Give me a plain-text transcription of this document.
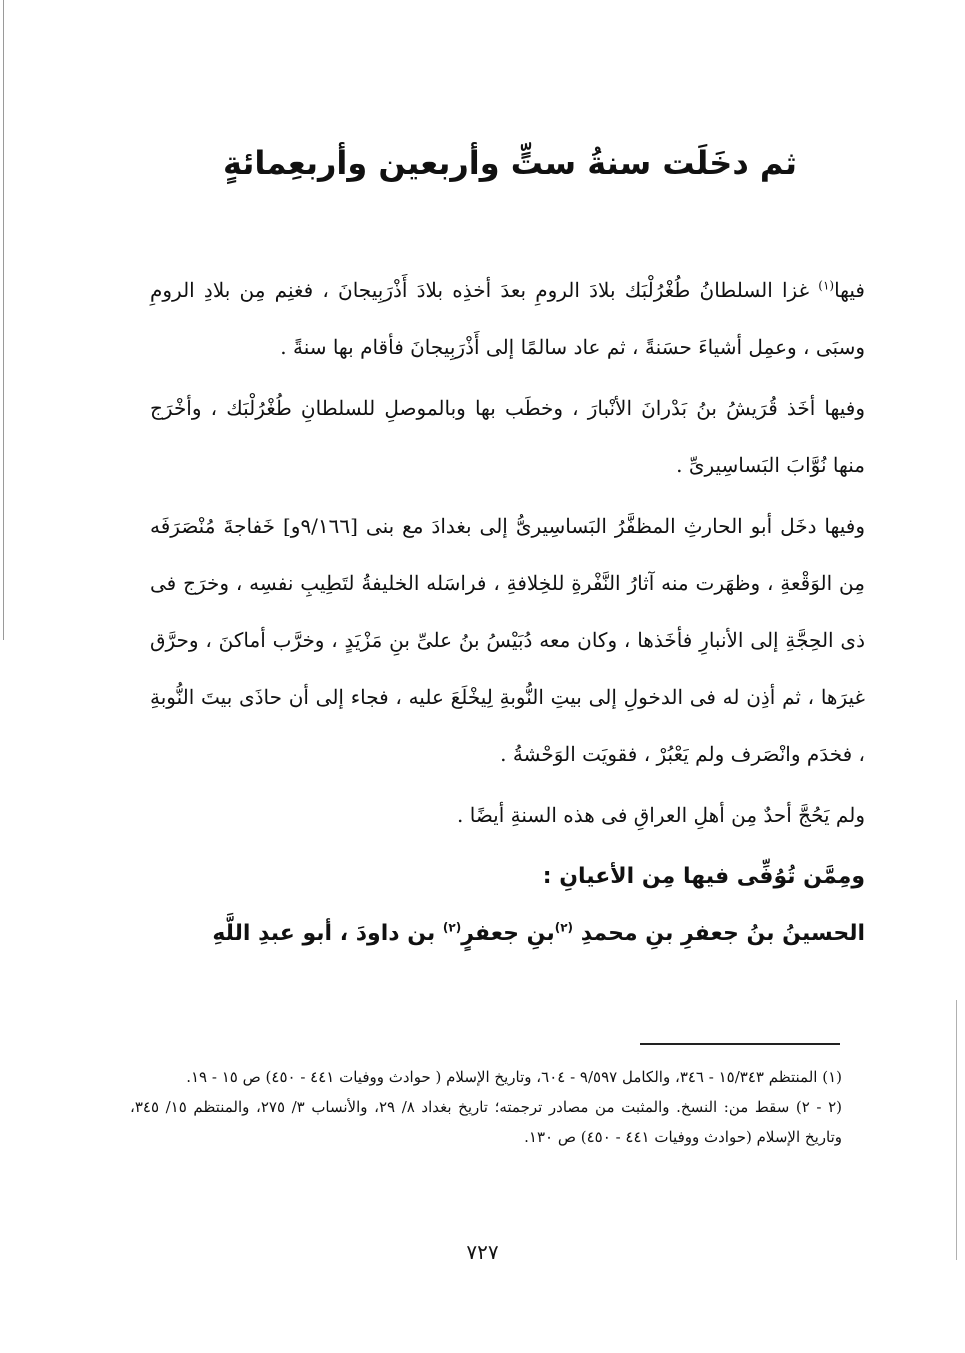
ثم دخَلَت سنةُ ستٍّ وأربعين وأربعِمائةٍ

فيها$^{(١)}$ غزا السلطانُ طُغْرُلْبَك بلادَ الرومِ بعدَ أخذِه بلادَ أَذْرَبِيجانَ ، فغنِم مِن بلادِ الرومِ وسبَى ، وعمِل أشياءَ حسَنةً ، ثم عاد سالمًا إلى أَذْرَبِيجانَ فأقام بها سنةً .

وفيها أخَذ قُرَيشُ بنُ بَدْرانَ الأنْبارَ ، وخطَب بها وبالموصلِ للسلطانِ طُغْرُلْبَك ، وأخْرَج منها نُوَّابَ البَساسِيرىِّ .

وفيها دخَل أبو الحارثِ المظفَّرُ البَساسِيرىُّ إلى بغدادَ مع بنى [٩/١٦٦و] خَفاجةَ مُنْصَرَفَه مِن الوَقْعةِ ، وظهَرت منه آثارُ النَّفْرةِ للخِلافةِ ، فراسَله الخليفةُ لتَطِيبِ نفسِه ، وخرَج فى ذى الحِجَّةِ إلى الأنبارِ فأخَذها ، وكان معه دُبَيْسُ بنُ علىِّ بنِ مَزْيَدٍ ، وخرَّب أماكنَ ، وحرَّق غيرَها ، ثم أذِن له فى الدخولِ إلى بيتِ النُّوبةِ لِيخْلَعَ عليه ، فجاء إلى أن حاذَى بيتَ النُّوبةِ ، فخدَم وانْصَرف ولم يَعْبُرْ ، فقويَت الوَحْشةُ .

ولم يَحُجَّ أحدٌ مِن أهلِ العراقِ فى هذه السنةِ أيضًا .

ومِمَّن تُوُفِّى فيها مِن الأعيانِ :

الحسينُ بنُ جعفرِ بنِ محمدِ $^{(٢)}$بنِ جعفرٍ$^{(٢)}$ بن داودَ ، أبو عبدِ اللَّهِ

(١) المنتظم ١٥/٣٤٣ - ٣٤٦، والكامل ٩/٥٩٧ - ٦٠٤، وتاريخ الإسلام ( حوادث ووفيات ٤٤١ - ٤٥٠) ص ١٥ - ١٩.

(٢ - ٢) سقط من: النسخ. والمثبت من مصادر ترجمته؛ تاريخ بغداد ٨/ ٢٩، والأنساب ٣/ ٢٧٥، والمنتظم ١٥/ ٣٤٥، وتاريخ الإسلام (حوادث ووفيات ٤٤١ - ٤٥٠) ص ١٣٠.

٧٢٧
